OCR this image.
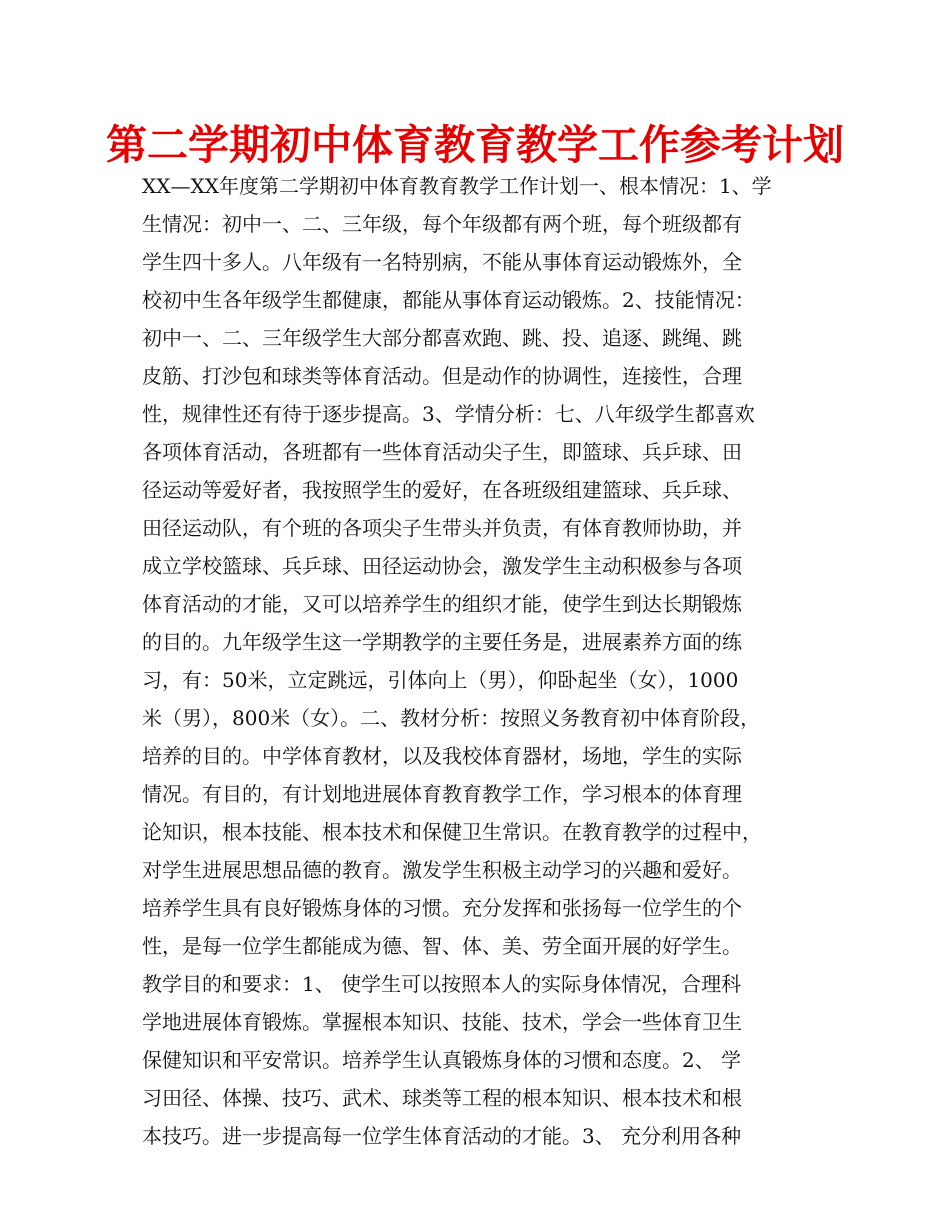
第二学期初中体育教育教学工作参考计划
XX—XX年度第二学期初中体育教育教学工作计划一、根本情况：1、学
生情况：初中一、二、三年级，每个年级都有两个班，每个班级都有
学生四十多人。八年级有一名特别病，不能从事体育运动锻炼外，全
校初中生各年级学生都健康，都能从事体育运动锻炼。2、技能情况：
初中一、二、三年级学生大部分都喜欢跑、跳、投、追逐、跳绳、跳
皮筋、打沙包和球类等体育活动。但是动作的协调性，连接性，合理
性，规律性还有待于逐步提高。3、学情分析：七、八年级学生都喜欢
各项体育活动，各班都有一些体育活动尖子生，即篮球、兵乒球、田
径运动等爱好者，我按照学生的爱好，在各班级组建篮球、兵乒球、
田径运动队，有个班的各项尖子生带头并负责，有体育教师协助，并
成立学校篮球、兵乒球、田径运动协会，激发学生主动积极参与各项
体育活动的才能，又可以培养学生的组织才能，使学生到达长期锻炼
的目的。九年级学生这一学期教学的主要任务是，进展素养方面的练
习，有：50米，立定跳远，引体向上（男），仰卧起坐（女），1000
米（男），800米（女）。二、教材分析：按照义务教育初中体育阶段，
培养的目的。中学体育教材，以及我校体育器材，场地，学生的实际
情况。有目的，有计划地进展体育教育教学工作，学习根本的体育理
论知识，根本技能、根本技术和保健卫生常识。在教育教学的过程中，
对学生进展思想品德的教育。激发学生积极主动学习的兴趣和爱好。
培养学生具有良好锻炼身体的习惯。充分发挥和张扬每一位学生的个
性，是每一位学生都能成为德、智、体、美、劳全面开展的好学生。
教学目的和要求：1、 使学生可以按照本人的实际身体情况，合理科
学地进展体育锻炼。掌握根本知识、技能、技术，学会一些体育卫生
保健知识和平安常识。培养学生认真锻炼身体的习惯和态度。2、 学
习田径、体操、技巧、武术、球类等工程的根本知识、根本技术和根
本技巧。进一步提高每一位学生体育活动的才能。3、 充分利用各种
